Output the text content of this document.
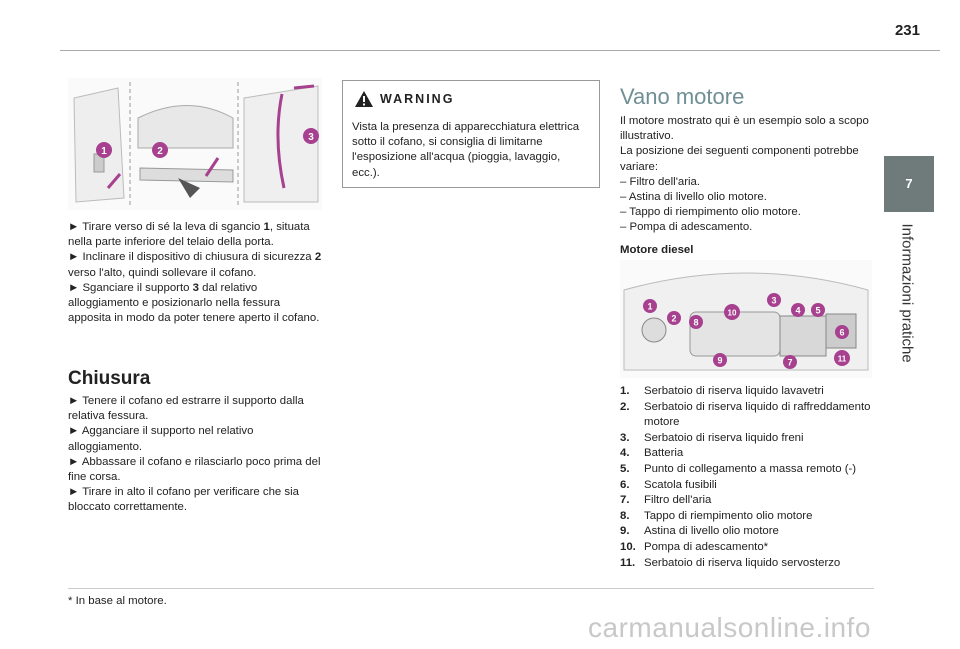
231
7
Informazioni pratiche
1	2
3

► Tirare verso di sé la leva di sgancio 1, situata nella parte inferiore del telaio della porta.

► Inclinare il dispositivo di chiusura di sicurezza 2 verso l'alto, quindi sollevare il cofano.

► Sganciare il supporto 3 dal relativo alloggiamento e posizionarlo nella fessura apposita in modo da poter tenere aperto il cofano.

Chiusura

► Tenere il cofano ed estrarre il supporto dalla relativa fessura.

► Agganciare il supporto nel relativo alloggiamento.

► Abbassare il cofano e rilasciarlo poco prima del fine corsa.

► Tirare in alto il cofano per verificare che sia bloccato correttamente.

* In base al motore.
WARNING
Vista la presenza di apparecchiatura elettrica sotto il cofano, si consiglia di limitarne l'esposizione all'acqua (pioggia, lavaggio, ecc.).
Vano motore

Il motore mostrato qui è un esempio solo a scopo illustrativo.

La posizione dei seguenti componenti potrebbe variare:

– Filtro dell'aria.

– Astina di livello olio motore.

– Tappo di riempimento olio motore.

– Pompa di adescamento.

Motore diesel
1
2 8
10
3
4 5
6
9	7	11
1.	Serbatoio di riserva liquido lavavetri
2.	Serbatoio di riserva liquido di raffreddamento motore
3.	Serbatoio di riserva liquido freni
4.	Batteria
5.	Punto di collegamento a massa remoto (-)
6.	Scatola fusibili
7.	Filtro dell'aria
8.	Tappo di riempimento olio motore
9.	Astina di livello olio motore
10. Pompa di adescamento*
11. Serbatoio di riserva liquido servosterzo
carmanualsonline.info
